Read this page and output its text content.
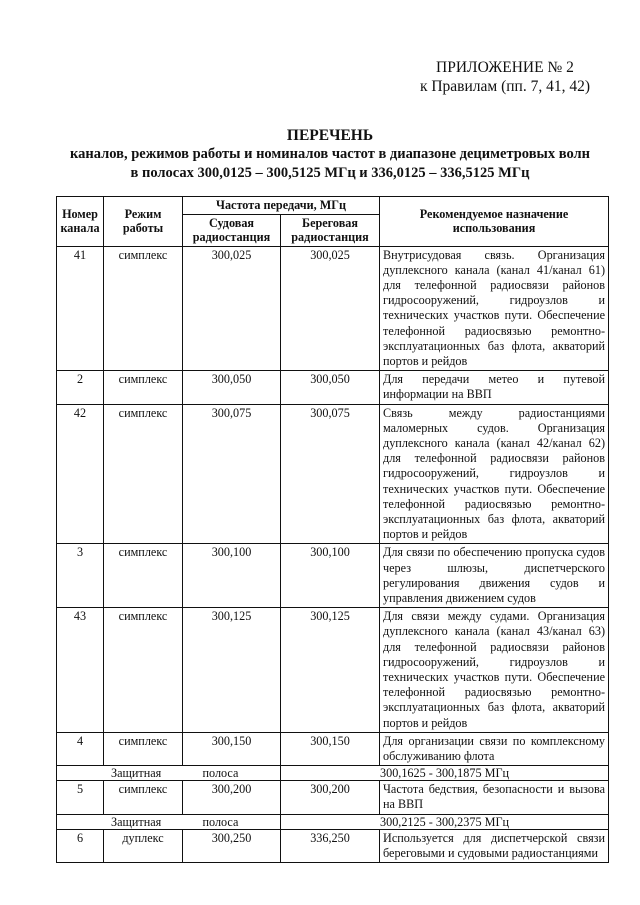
ПРИЛОЖЕНИЕ № 2
к Правилам (пп. 7, 41, 42)
ПЕРЕЧЕНЬ
каналов, режимов работы и номиналов частот в диапазоне дециметровых волн
в полосах 300,0125 – 300,5125 МГц и 336,0125 – 336,5125 МГц
Номер канала	Режим работы	Частота передачи, МГц		Рекомендуемое назначение использования
		Судовая радиостанция	Береговая радиостанция	
41	симплекс	300,025	300,025	Внутрисудовая связь. Организация дуплексного канала (канал 41/канал 61) для телефонной радиосвязи районов гидросооружений, гидроузлов и технических участков пути. Обеспечение телефонной радиосвязью ремонтно-эксплуатационных баз флота, акваторий портов и рейдов
2	симплекс	300,050	300,050	Для передачи метео и путевой информации на ВВП
42	симплекс	300,075	300,075	Связь между радиостанциями маломерных судов. Организация дуплексного канала (канал 42/канал 62) для телефонной радиосвязи районов гидросооружений, гидроузлов и технических участков пути. Обеспечение телефонной радиосвязью ремонтно-эксплуатационных баз флота, акваторий портов и рейдов
3	симплекс	300,100	300,100	Для связи по обеспечению пропуска судов через шлюзы, диспетчерского регулирования движения судов и управления движением судов
43	симплекс	300,125	300,125	Для связи между судами. Организация дуплексного канала (канал 43/канал 63) для телефонной радиосвязи районов гидросооружений, гидроузлов и технических участков пути. Обеспечение телефонной радиосвязью ремонтно-эксплуатационных баз флота, акваторий портов и рейдов
4	симплекс	300,150	300,150	Для организации связи по комплексному обслуживанию флота
Защитная		полоса	300,1625 - 300,1875 МГц	
5	симплекс	300,200	300,200	Частота бедствия, безопасности и вызова на ВВП
Защитная		полоса	300,2125 - 300,2375 МГц	
6	дуплекс	300,250	336,250	Используется для диспетчерской связи береговыми и судовыми радиостанциями
